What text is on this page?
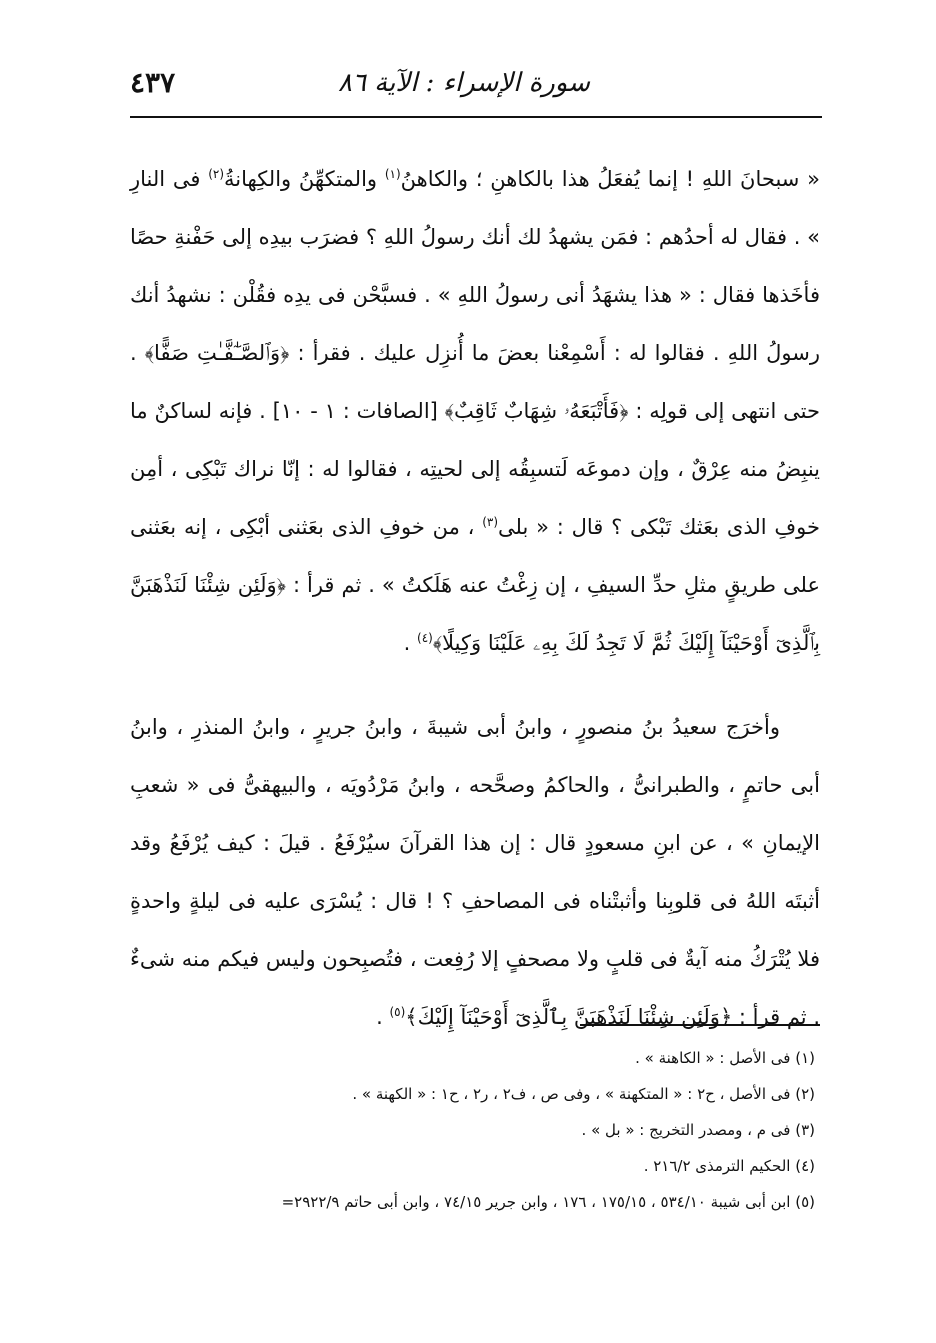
سورة الإسراء : الآية ٨٦
٤٣٧

« سبحانَ اللهِ ! إنما يُفعَلُ هذا بالكاهنِ ؛ والكاهنُ$^{(١)}$ والمتكهِّنُ والكِهانةُ$^{(٢)}$ فى النارِ » . فقال له أحدُهم : فمَن يشهدُ لك أنك رسولُ اللهِ ؟ فضرَب بيدِه إلى حَفْنةِ حصًا فأخَذها فقال : « هذا يشهَدُ أنى رسولُ اللهِ » . فسبَّحْن فى يدِه فقُلْن : نشهدُ أنك رسولُ اللهِ . فقالوا له : أَسْمِعْنا بعضَ ما أُنزِل عليك . فقرأ : ﴿وَٱلصَّـٰٓفَّـٰتِ صَفًّا﴾ . حتى انتهى إلى قولِه : ﴿فَأَتْبَعَهُۥ شِهَابٌ ثَاقِبٌ﴾ [الصافات : ١ - ١٠] . فإنه لساكنٌ ما ينبِضُ منه عِرْقٌ ، وإن دموعَه لَتسبِقُه إلى لحيتِه ، فقالوا له : إنّا نراك تَبْكِى ، أمِن خوفِ الذى بعَثك تَبْكى ؟ قال : « بلى$^{(٣)}$ ، من خوفِ الذى بعَثنى أبْكِى ، إنه بعَثنى على طريقٍ مثلِ حدِّ السيفِ ، إن زِغْتُ عنه هَلَكتُ » . ثم قرأ : ﴿وَلَئِن شِئْنَا لَنَذْهَبَنَّ بِٱلَّذِىٓ أَوْحَيْنَآ إِلَيْكَ ثُمَّ لَا تَجِدُ لَكَ بِهِۦ عَلَيْنَا وَكِيلًا﴾$^{(٤)}$ .

وأخرَج سعيدُ بنُ منصورٍ ، وابنُ أبى شيبةَ ، وابنُ جريرٍ ، وابنُ المنذرِ ، وابنُ أبى حاتمٍ ، والطبرانىُّ ، والحاكمُ وصحَّحه ، وابنُ مَرْدُويَه ، والبيهقىُّ فى « شعبِ الإيمانِ » ، عن ابنِ مسعودٍ قال : إن هذا القرآنَ سيُرْفَعُ . قيلَ : كيف يُرْفَعُ وقد أثبتَه اللهُ فى قلوبِنا وأثبتْناه فى المصاحفِ ؟ ! قال : يُسْرَى عليه فى ليلةٍ واحدةٍ فلا يُتْرَكُ منه آيةٌ فى قلبٍ ولا مصحفٍ إلا رُفِعت ، فتُصبِحون وليس فيكم منه شىءٌ . ثم قرأ : ﴿وَلَئِن شِئْنَا لَنَذْهَبَنَّ بِٱلَّذِىٓ أَوْحَيْنَآ إِلَيْكَ﴾$^{(٥)}$ .

(١) فى الأصل : « الكاهنة » .
(٢) فى الأصل ، ح٢ : « المتكهنة » ، وفى ص ، ف٢ ، ر٢ ، ح١ : « الكهنة » .
(٣) فى م ، ومصدر التخريج : « بل » .
(٤) الحكيم الترمذى ٢١٦/٢ .
(٥) ابن أبى شيبة ٥٣٤/١٠ ، ١٧٥/١٥ ، ١٧٦ ، وابن جرير ٧٤/١٥ ، وابن أبى حاتم ٢٩٢٢/٩=
